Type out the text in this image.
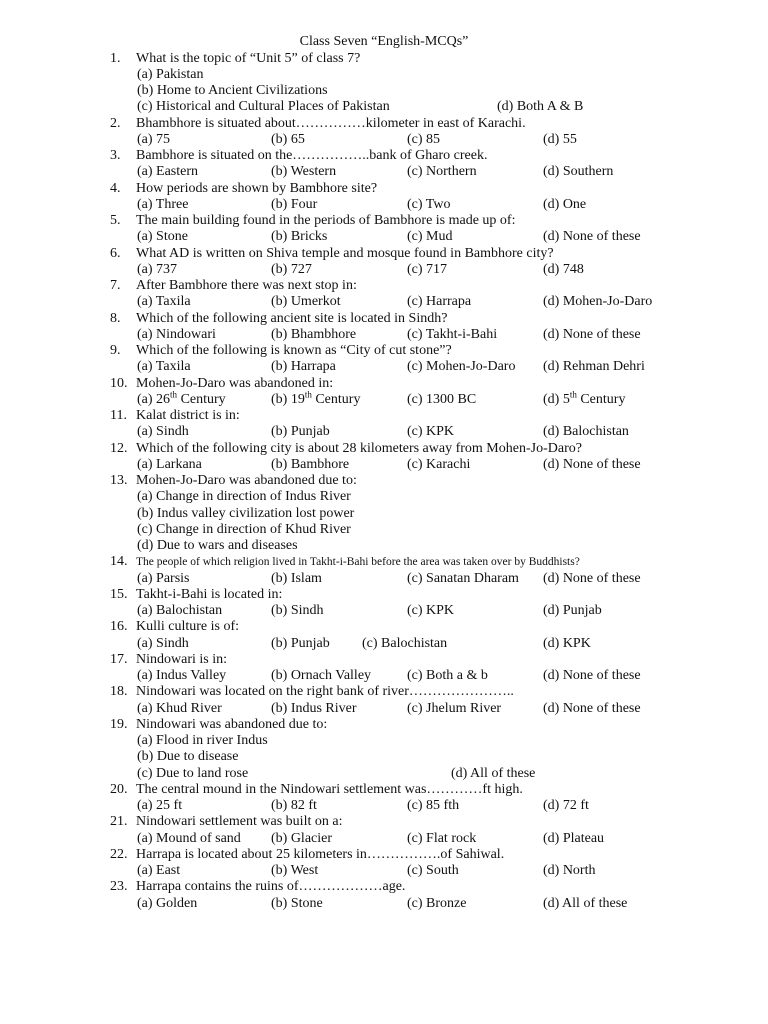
Class Seven “English-MCQs”
1.	What is the topic of “Unit 5” of class 7?
(a) Pakistan
(b) Home to Ancient Civilizations
(c) Historical and Cultural Places of Pakistan	(d) Both A & B
2.	Bhambhore is situated about……………kilometer in east of Karachi.
(a) 75	(b) 65	(c) 85	(d) 55
3.	Bambhore is situated on the……………..bank of Gharo creek.
(a) Eastern	(b) Western	(c) Northern	(d) Southern
4.	How periods are shown by Bambhore site?
(a) Three	(b) Four	(c) Two	(d) One
5.	The main building found in the periods of Bambhore is made up of:
(a) Stone	(b) Bricks	(c) Mud	(d) None of these
6.	What AD is written on Shiva temple and mosque found in Bambhore city?
(a) 737	(b) 727	(c) 717	(d) 748
7.	After Bambhore there was next stop in:
(a) Taxila	(b) Umerkot	(c) Harrapa	(d) Mohen-Jo-Daro
8.	Which of the following ancient site is located in Sindh?
(a) Nindowari	(b) Bhambhore	(c) Takht-i-Bahi	(d) None of these
9.	Which of the following is known as “City of cut stone”?
(a) Taxila	(b) Harrapa	(c) Mohen-Jo-Daro (d) Rehman Dehri
10. Mohen-Jo-Daro was abandoned in:
(a) 26th Century	(b) 19th Century	(c) 1300 BC	(d) 5th Century
11. Kalat district is in:
(a) Sindh	(b) Punjab	(c) KPK	(d) Balochistan
12. Which of the following city is about 28 kilometers away from Mohen-Jo-Daro?
(a) Larkana	(b) Bambhore	(c) Karachi	(d) None of these
13. Mohen-Jo-Daro was abandoned due to:
(a) Change in direction of Indus River
(b) Indus valley civilization lost power
(c) Change in direction of Khud River
(d) Due to wars and diseases
14. The people of which religion lived in Takht-i-Bahi before the area was taken over by Buddhists?
(a) Parsis	(b) Islam	(c) Sanatan Dharam (d) None of these
15. Takht-i-Bahi is located in:
(a) Balochistan	(b) Sindh	(c) KPK	(d) Punjab
16. Kulli culture is of:
(a) Sindh	(b) Punjab (c) Balochistan	(d) KPK
17. Nindowari is in:
(a) Indus Valley	(b) Ornach Valley	(c) Both a & b	(d) None of these
18. Nindowari was located on the right bank of river…………………..
(a) Khud River	(b) Indus River	(c) Jhelum River	(d) None of these
19. Nindowari was abandoned due to:
(a) Flood in river Indus
(b) Due to disease
(c) Due to land rose	(d) All of these
20. The central mound in the Nindowari settlement was…………ft high.
(a) 25 ft	(b) 82 ft	(c) 85 fth	(d) 72 ft
21. Nindowari settlement was built on a:
(a) Mound of sand (b) Glacier	(c) Flat rock	(d) Plateau
22. Harrapa is located about 25 kilometers in…………….of Sahiwal.
(a) East	(b) West	(c) South	(d) North
23. Harrapa contains the ruins of………………age.
(a) Golden	(b) Stone	(c) Bronze	(d) All of these
